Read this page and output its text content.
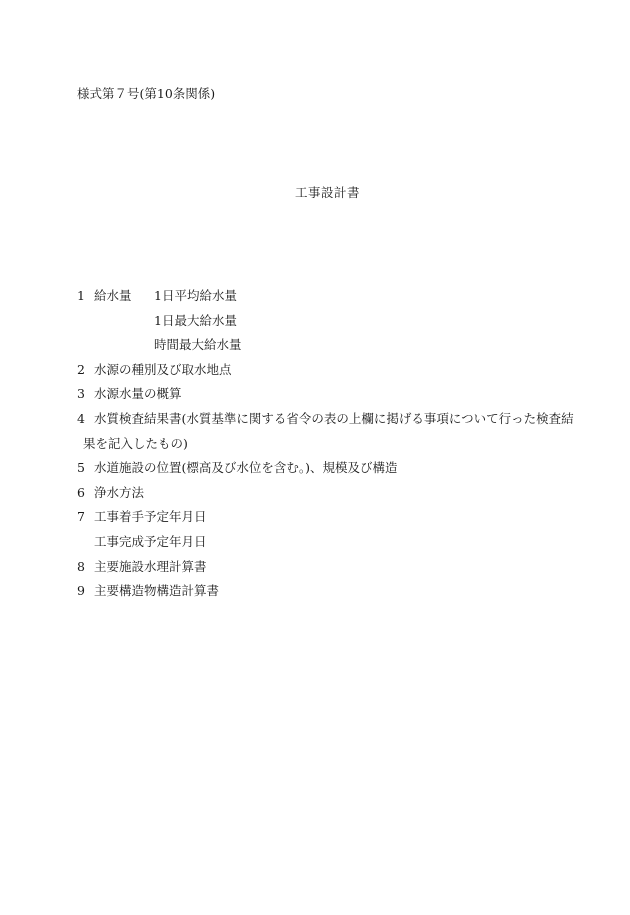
様式第７号(第10条関係)
工事設計書
1 給水量 1日平均給水量
1日最大給水量
時間最大給水量
2 水源の種別及び取水地点
3 水源水量の概算
4 水質検査結果書(水質基準に関する省令の表の上欄に掲げる事項について行った検査結
果を記入したもの)
5 水道施設の位置(標高及び水位を含む。)、規模及び構造
6 浄水方法
7 工事着手予定年月日
工事完成予定年月日
8 主要施設水理計算書
9 主要構造物構造計算書
